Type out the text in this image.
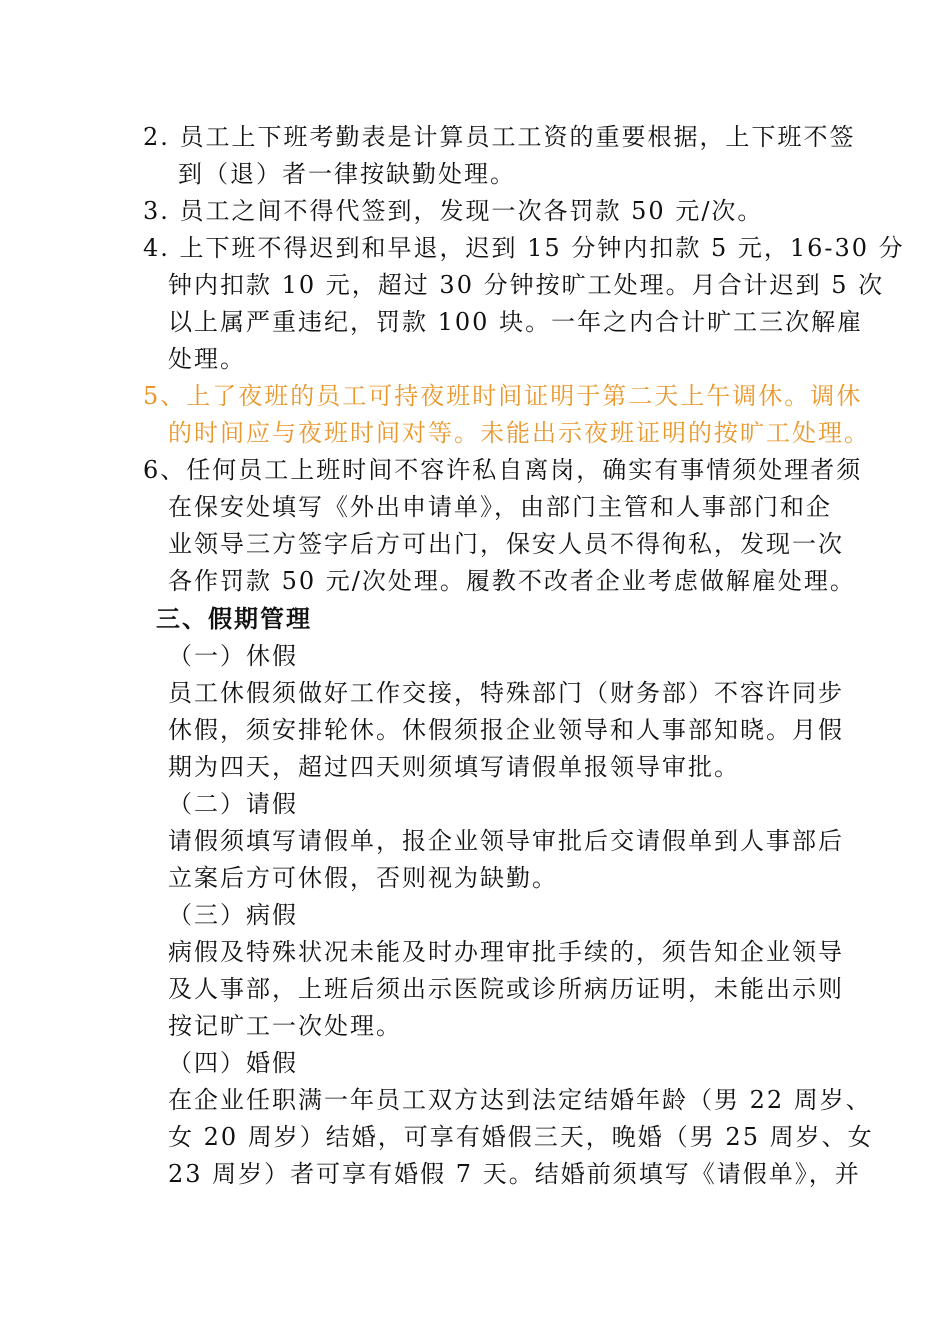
2. 员工上下班考勤表是计算员工工资的重要根据，上下班不签
到（退）者一律按缺勤处理。
3. 员工之间不得代签到，发现一次各罚款 50 元/次。
4. 上下班不得迟到和早退，迟到 15 分钟内扣款 5 元，16-30 分
钟内扣款 10 元，超过 30 分钟按旷工处理。月合计迟到 5 次
以上属严重违纪，罚款 100 块。一年之内合计旷工三次解雇
处理。
5、上了夜班的员工可持夜班时间证明于第二天上午调休。调休
的时间应与夜班时间对等。未能出示夜班证明的按旷工处理。
6、任何员工上班时间不容许私自离岗，确实有事情须处理者须
在保安处填写《外出申请单》，由部门主管和人事部门和企
业领导三方签字后方可出门，保安人员不得徇私，发现一次
各作罚款 50 元/次处理。履教不改者企业考虑做解雇处理。
三、假期管理
（一）休假
员工休假须做好工作交接，特殊部门（财务部）不容许同步
休假，须安排轮休。休假须报企业领导和人事部知晓。月假
期为四天，超过四天则须填写请假单报领导审批。
（二）请假
请假须填写请假单，报企业领导审批后交请假单到人事部后
立案后方可休假，否则视为缺勤。
（三）病假
病假及特殊状况未能及时办理审批手续的，须告知企业领导
及人事部，上班后须出示医院或诊所病历证明，未能出示则
按记旷工一次处理。
（四）婚假
在企业任职满一年员工双方达到法定结婚年龄（男 22 周岁、
女 20 周岁）结婚，可享有婚假三天，晚婚（男 25 周岁、女
23 周岁）者可享有婚假 7 天。结婚前须填写《请假单》，并
